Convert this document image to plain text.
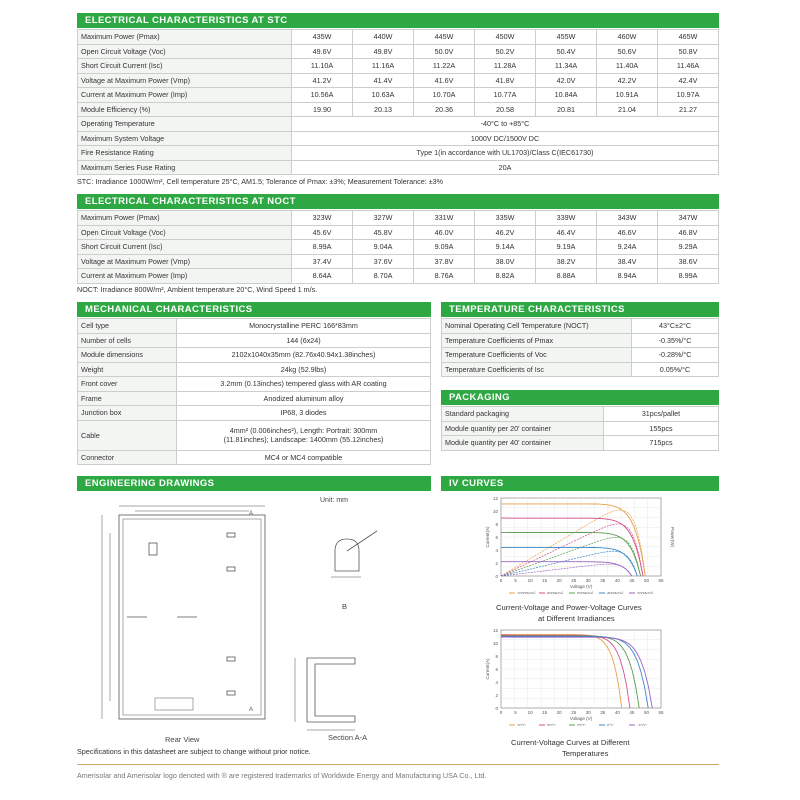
ELECTRICAL CHARACTERISTICS AT STC
Maximum Power (Pmax)	435W	440W	445W	450W	455W	460W	465W
Open Circuit Voltage (Voc)	49.6V	49.8V	50.0V	50.2V	50.4V	50.6V	50.8V
Short Circuit Current (Isc)	11.10A	11.16A	11.22A	11.28A	11.34A	11.40A	11.46A
Voltage at Maximum Power (Vmp)	41.2V	41.4V	41.6V	41.8V	42.0V	42.2V	42.4V
Current at Maximum Power (Imp)	10.56A	10.63A	10.70A	10.77A	10.84A	10.91A	10.97A
Module Efficiency (%)	19.90	20.13	20.36	20.58	20.81	21.04	21.27
Operating Temperature	-40°C to +85°C						
Maximum System Voltage	1000V DC/1500V DC						
Fire Resistance Rating	Type 1(in accordance with UL1703)/Class C(IEC61730)						
Maximum Series Fuse Rating	20A						
STC: Irradiance 1000W/m², Cell temperature 25°C, AM1.5; Tolerance of Pmax: ±3%; Measurement Tolerance: ±3%
ELECTRICAL CHARACTERISTICS AT NOCT
Maximum Power (Pmax)	323W	327W	331W	335W	339W	343W	347W
Open Circuit Voltage (Voc)	45.6V	45.8V	46.0V	46.2V	46.4V	46.6V	46.8V
Short Circuit Current (Isc)	8.99A	9.04A	9.09A	9.14A	9.19A	9.24A	9.29A
Voltage at Maximum Power (Vmp)	37.4V	37.6V	37.8V	38.0V	38.2V	38.4V	38.6V
Current at Maximum Power (Imp)	8.64A	8.70A	8.76A	8.82A	8.88A	8.94A	8.99A
NOCT: Irradiance 800W/m², Ambient temperature 20°C, Wind Speed 1 m/s.
MECHANICAL CHARACTERISTICS
Cell type	Monocrystalline PERC 166*83mm
Number of cells	144 (6x24)
Module dimensions	2102x1040x35mm (82.76x40.94x1.38inches)
Weight	24kg (52.9lbs)
Front cover	3.2mm (0.13inches) tempered glass with AR coating
Frame	Anodized aluminum alloy
Junction box	IP68, 3 diodes
Cable	4mm² (0.006inches²), Length: Portrait: 300mm
(11.81inches); Landscape: 1400mm (55.12inches)

Connector	MC4 or MC4 compatible
TEMPERATURE CHARACTERISTICS
Nominal Operating Cell Temperature (NOCT)	43°C±2°C
Temperature Coefficients of Pmax	-0.35%/°C
Temperature Coefficients of Voc	-0.28%/°C
Temperature Coefficients of Isc	0.05%/°C
PACKAGING
Standard packaging	31pcs/pallet
Module quantity per 20' container	155pcs
Module quantity per 40' container	715pcs
ENGINEERING DRAWINGS
Unit: mm
A
A
Rear View
B
Section A-A
Specifications in this datasheet are subject to change without prior notice.
IV CURVES
0
2
4
6
8
10
12
0	5 10 15 20 25 30 35 40 45 50 55
Current(A)
Voltage (V)
Power(W)
1000W/m²	800W/m²	600W/m²	400W/m²	200W/m²
Current-Voltage and Power-Voltage Curves
at Different Irradiances
0
2
4
6
8
10
12
0	5 10 15 20 25 30 35 40 45 50 55
Current(A)
Voltage (V)
70°C	50°C	25°C	0°C	-10°C
Current-Voltage Curves at Different
Temperatures
Amerisolar and Amerisolar logo denoted with ® are registered trademarks of Worldwide Energy and Manufacturing USA Co., Ltd.
